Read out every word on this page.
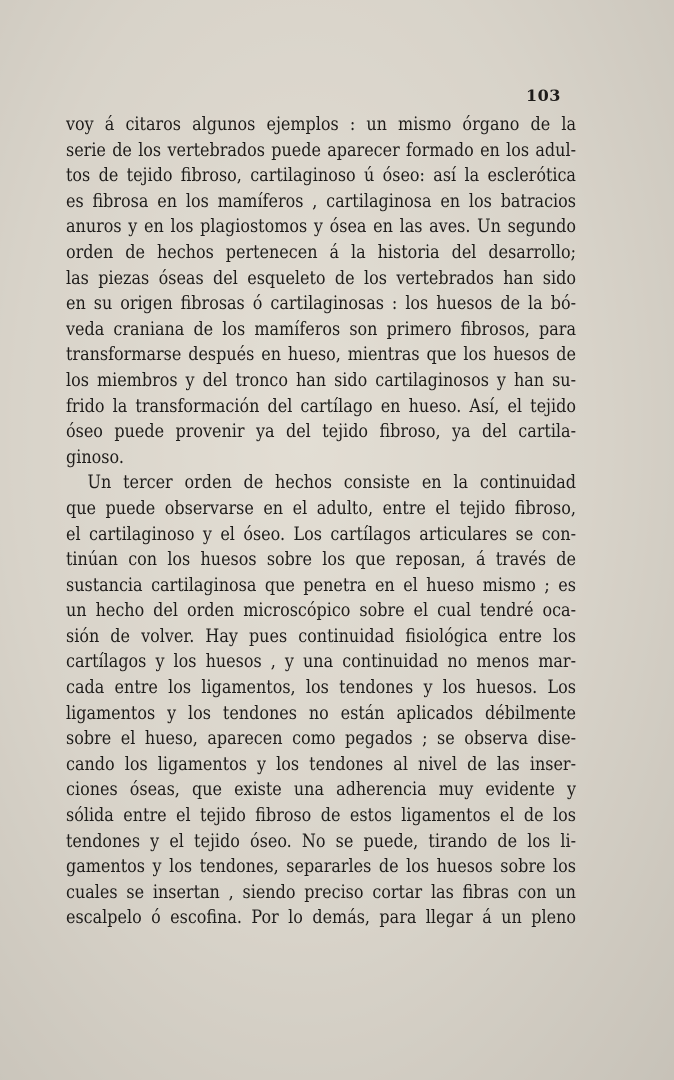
103
voy á citaros algunos ejemplos : un mismo órgano de la
serie de los vertebrados puede aparecer formado en los adul-
tos de tejido fibroso, cartilaginoso ú óseo: así la esclerótica
es fibrosa en los mamíferos , cartilaginosa en los batracios
anuros y en los plagiostomos y ósea en las aves. Un segundo
orden de hechos pertenecen á la historia del desarrollo;
las piezas óseas del esqueleto de los vertebrados han sido
en su origen fibrosas ó cartilaginosas : los huesos de la bó-
veda craniana de los mamíferos son primero fibrosos, para
transformarse después en hueso, mientras que los huesos de
los miembros y del tronco han sido cartilaginosos y han su-
frido la transformación del cartílago en hueso. Así, el tejido
óseo puede provenir ya del tejido fibroso, ya del cartila-
ginoso.
Un tercer orden de hechos consiste en la continuidad
que puede observarse en el adulto, entre el tejido fibroso,
el cartilaginoso y el óseo. Los cartílagos articulares se con-
tinúan con los huesos sobre los que reposan, á través de
sustancia cartilaginosa que penetra en el hueso mismo ; es
un hecho del orden microscópico sobre el cual tendré oca-
sión de volver. Hay pues continuidad fisiológica entre los
cartílagos y los huesos , y una continuidad no menos mar-
cada entre los ligamentos, los tendones y los huesos. Los
ligamentos y los tendones no están aplicados débilmente
sobre el hueso, aparecen como pegados ; se observa dise-
cando los ligamentos y los tendones al nivel de las inser-
ciones óseas, que existe una adherencia muy evidente y
sólida entre el tejido fibroso de estos ligamentos el de los
tendones y el tejido óseo. No se puede, tirando de los li-
gamentos y los tendones, separarles de los huesos sobre los
cuales se insertan , siendo preciso cortar las fibras con un
escalpelo ó escofina. Por lo demás, para llegar á un pleno
